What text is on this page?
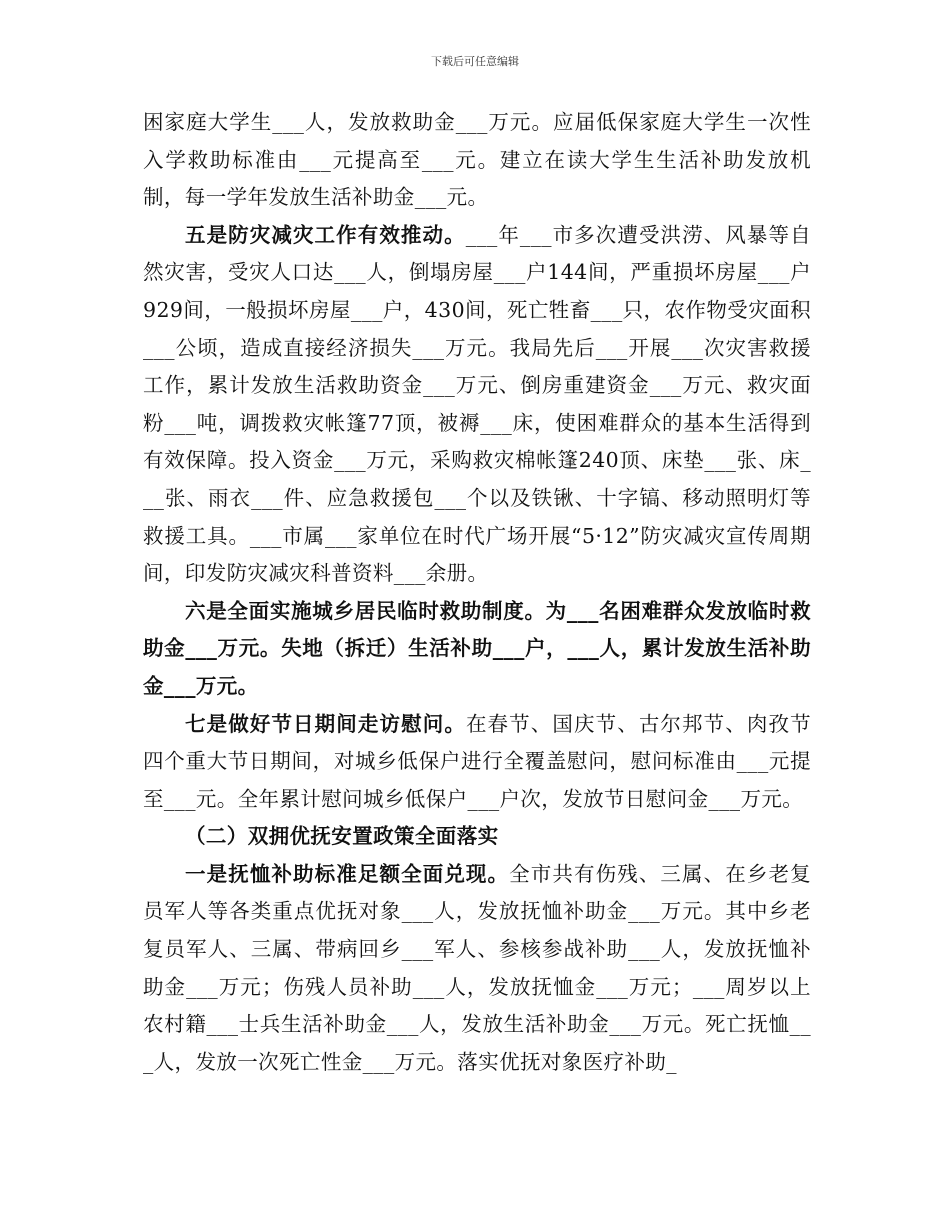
下载后可任意编辑

困家庭大学生___人，发放救助金___万元。应届低保家庭大学生一次性入学救助标准由___元提高至___元。建立在读大学生生活补助发放机制，每一学年发放生活补助金___元。

五是防灾减灾工作有效推动。___年___市多次遭受洪涝、风暴等自然灾害，受灾人口达___人，倒塌房屋___户144间，严重损坏房屋___户929间，一般损坏房屋___户，430间，死亡牲畜___只，农作物受灾面积___公顷，造成直接经济损失___万元。我局先后___开展___次灾害救援工作，累计发放生活救助资金___万元、倒房重建资金___万元、救灾面粉___吨，调拨救灾帐篷77顶，被褥___床，使困难群众的基本生活得到有效保障。投入资金___万元，采购救灾棉帐篷240顶、床垫___张、床___张、雨衣___件、应急救援包___个以及铁锹、十字镐、移动照明灯等救援工具。___市属___家单位在时代广场开展“5·12”防灾减灾宣传周期间，印发防灾减灾科普资料___余册。

六是全面实施城乡居民临时救助制度。为___名困难群众发放临时救助金___万元。失地（拆迁）生活补助___户，___人，累计发放生活补助金___万元。

七是做好节日期间走访慰问。在春节、国庆节、古尔邦节、肉孜节四个重大节日期间，对城乡低保户进行全覆盖慰问，慰问标准由___元提至___元。全年累计慰问城乡低保户___户次，发放节日慰问金___万元。

（二）双拥优抚安置政策全面落实

一是抚恤补助标准足额全面兑现。全市共有伤残、三属、在乡老复员军人等各类重点优抚对象___人，发放抚恤补助金___万元。其中乡老复员军人、三属、带病回乡___军人、参核参战补助___人，发放抚恤补助金___万元；伤残人员补助___人，发放抚恤金___万元；___周岁以上农村籍___士兵生活补助金___人，发放生活补助金___万元。死亡抚恤___人，发放一次死亡性金___万元。落实优抚对象医疗补助_
